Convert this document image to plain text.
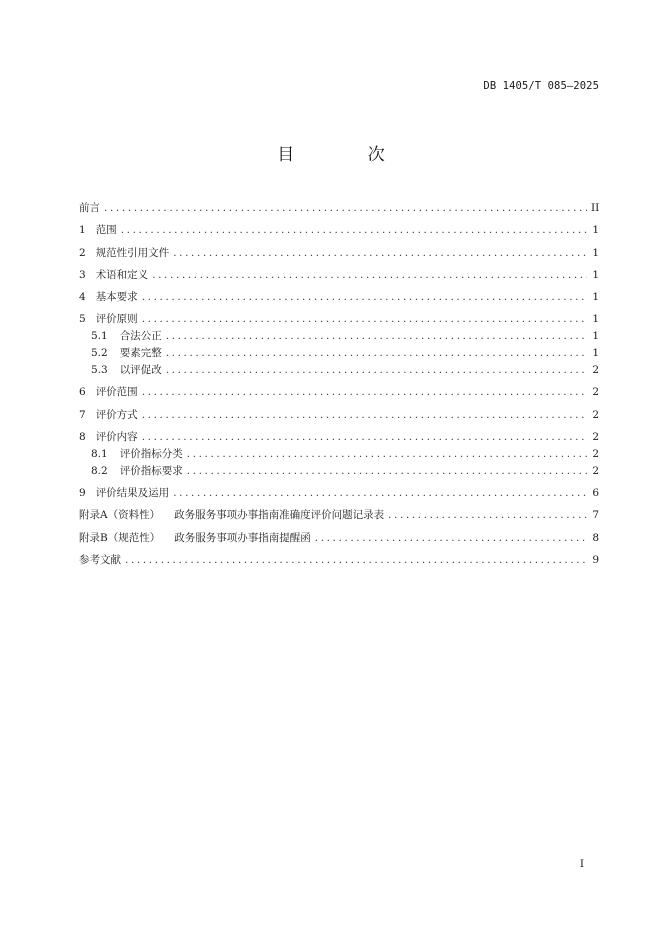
DB 1405/T 085—2025
目 次
前言 .....	II
1 范围 .....	1
2 规范性引用文件 .....	1
3 术语和定义 .....	1
4 基本要求 .....	1
5 评价原则 .....	1
5.1 合法公正 .....	1
5.2 要素完整 .....	1
5.3 以评促改 .....	2
6 评价范围 .....	2
7 评价方式 .....	2
8 评价内容 .....	2
8.1 评价指标分类 .....	2
8.2 评价指标要求 .....	2
9 评价结果及运用 .....	6
附录A（资料性） 政务服务事项办事指南准确度评价问题记录表 .....	7
附录B（规范性） 政务服务事项办事指南提醒函 .....	8
参考文献 .....	9
I
